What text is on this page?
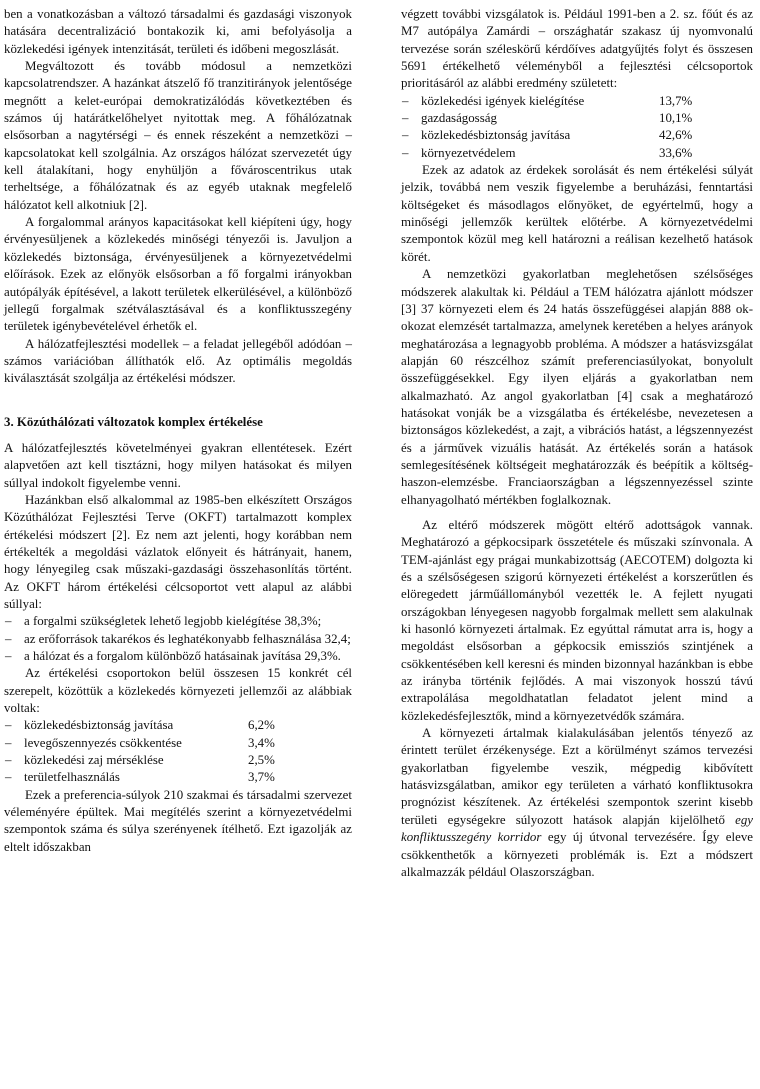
ben a vonatkozásban a változó társadalmi és gazdasági viszonyok hatására decentralizáció bontakozik ki, ami befolyásolja a közlekedési igények intenzitását, területi és időbeni megoszlását.

Megváltozott és tovább módosul a nemzetközi kapcsolatrendszer. A hazánkat átszelő fő tranzitirányok jelentősége megnőtt a kelet-európai demokratizálódás következtében és számos új határátkelőhelyet nyitottak meg. A főhálózatnak elsősorban a nagytérségi – és ennek részeként a nemzetközi – kapcsolatokat kell szolgálnia. Az országos hálózat szervezetét úgy kell átalakítani, hogy enyhüljön a fővároscentrikus utak terheltsége, a főhálózatnak és az egyéb utaknak megfelelő hálózatot kell alkotniuk [2].

A forgalommal arányos kapacitásokat kell kiépíteni úgy, hogy érvényesüljenek a közlekedés minőségi tényezői is. Javuljon a közlekedés biztonsága, érvényesüljenek a környezetvédelmi előírások. Ezek az előnyök elsősorban a fő forgalmi irányokban autópályák építésével, a lakott területek elkerülésével, a különböző jellegű forgalmak szétválasztásával és a konfliktusszegény területek igénybevételével érhetők el.

A hálózatfejlesztési modellek – a feladat jellegéből adódóan – számos variációban állíthatók elő. Az optimális megoldás kiválasztását szolgálja az értékelési módszer.

3. Közúthálózati változatok komplex értékelése

A hálózatfejlesztés követelményei gyakran ellentétesek. Ezért alapvetően azt kell tisztázni, hogy milyen hatásokat és milyen súllyal indokolt figyelembe venni.

Hazánkban első alkalommal az 1985-ben elkészített Országos Közúthálózat Fejlesztési Terve (OKFT) tartalmazott komplex értékelési módszert [2]. Ez nem azt jelenti, hogy korábban nem értékelték a megoldási vázlatok előnyeit és hátrányait, hanem, hogy lényegileg csak műszaki-gazdasági összehasonlítás történt. Az OKFT három értékelési célcsoportot vett alapul az alábbi súllyal:

– a forgalmi szükségletek lehető legjobb kielégítése 38,3%;
– az erőforrások takarékos és leghatékonyabb felhasználása 32,4;
– a hálózat és a forgalom különböző hatásainak javítása 29,3%.

Az értékelési csoportokon belül összesen 15 konkrét cél szerepelt, közöttük a közlekedés környezeti jellemzői az alábbiak voltak:

– közlekedésbiztonság javítása	6,2%
– levegőszennyezés csökkentése	3,4%
– közlekedési zaj mérséklése	2,5%
– területfelhasználás	3,7%

Ezek a preferencia-súlyok 210 szakmai és társadalmi szervezet véleményére épültek. Mai megítélés szerint a környezetvédelmi szempontok száma és súlya szerényenek ítélhető. Ezt igazolják az eltelt időszakban

végzett további vizsgálatok is. Például 1991-ben a 2. sz. főút és az M7 autópálya Zamárdi – országhatár szakasz új nyomvonalú tervezése során széleskörű kérdőíves adatgyűjtés folyt és összesen 5691 értékelhető véleményből a fejlesztési célcsoportok prioritásáról az alábbi eredmény született:

– közlekedési igények kielégítése	13,7%
– gazdaságosság	10,1%
– közlekedésbiztonság javítása	42,6%
– környezetvédelem	33,6%

Ezek az adatok az érdekek sorolását és nem értékelési súlyát jelzik, továbbá nem veszik figyelembe a beruházási, fenntartási költségeket és másodlagos előnyöket, de egyértelmű, hogy a minőségi jellemzők kerültek előtérbe. A környezetvédelmi szempontok közül meg kell határozni a reálisan kezelhető hatások körét.

A nemzetközi gyakorlatban meglehetősen szélsőséges módszerek alakultak ki. Például a TEM hálózatra ajánlott módszer [3] 37 környezeti elem és 24 hatás összefüggései alapján 888 ok-okozat elemzését tartalmazza, amelynek keretében a helyes arányok meghatározása a legnagyobb probléma. A módszer a hatásvizsgálat alapján 60 részcélhoz számít preferenciasúlyokat, bonyolult összefüggésekkel. Egy ilyen eljárás a gyakorlatban nem alkalmazható. Az angol gyakorlatban [4] csak a meghatározó hatásokat vonják be a vizsgálatba és értékelésbe, nevezetesen a biztonságos közlekedést, a zajt, a vibrációs hatást, a légszennyezést és a járművek vizuális hatását. Az értékelés során a hatások semlegesítésének költségeit meghatározzák és beépítik a költség-haszon-elemzésbe. Franciaországban a légszennyezéssel szinte elhanyagolható mértékben foglalkoznak.

Az eltérő módszerek mögött eltérő adottságok vannak. Meghatározó a gépkocsipark összetétele és műszaki színvonala. A TEM-ajánlást egy prágai munkabizottság (AECOTEM) dolgozta ki és a szélsőségesen szigorú környezeti értékelést a korszerűtlen és elöregedett járműállományból vezették le. A fejlett nyugati országokban lényegesen nagyobb forgalmak mellett sem alakulnak ki hasonló környezeti ártalmak. Ez egyúttal rámutat arra is, hogy a megoldást elsősorban a gépkocsik emissziós szintjének a csökkentésében kell keresni és minden bizonnyal hazánkban is ebbe az irányba történik fejlődés. A mai viszonyok hosszú távú extrapolálása megoldhatatlan feladatot jelent mind a közlekedésfejlesztők, mind a környezetvédők számára.

A környezeti ártalmak kialakulásában jelentős tényező az érintett terület érzékenysége. Ezt a körülményt számos tervezési gyakorlatban figyelembe veszik, mégpedig kibővített hatásvizsgálatban, amikor egy területen a várható konfliktusokra prognózist készítenek. Az értékelési szempontok szerint kisebb területi egységekre súlyozott hatások alapján kijelölhető egy konfliktusszegény korridor egy új útvonal tervezésére. Így eleve csökkenthetők a környezeti problémák is. Ezt a módszert alkalmazzák például Olaszországban.
